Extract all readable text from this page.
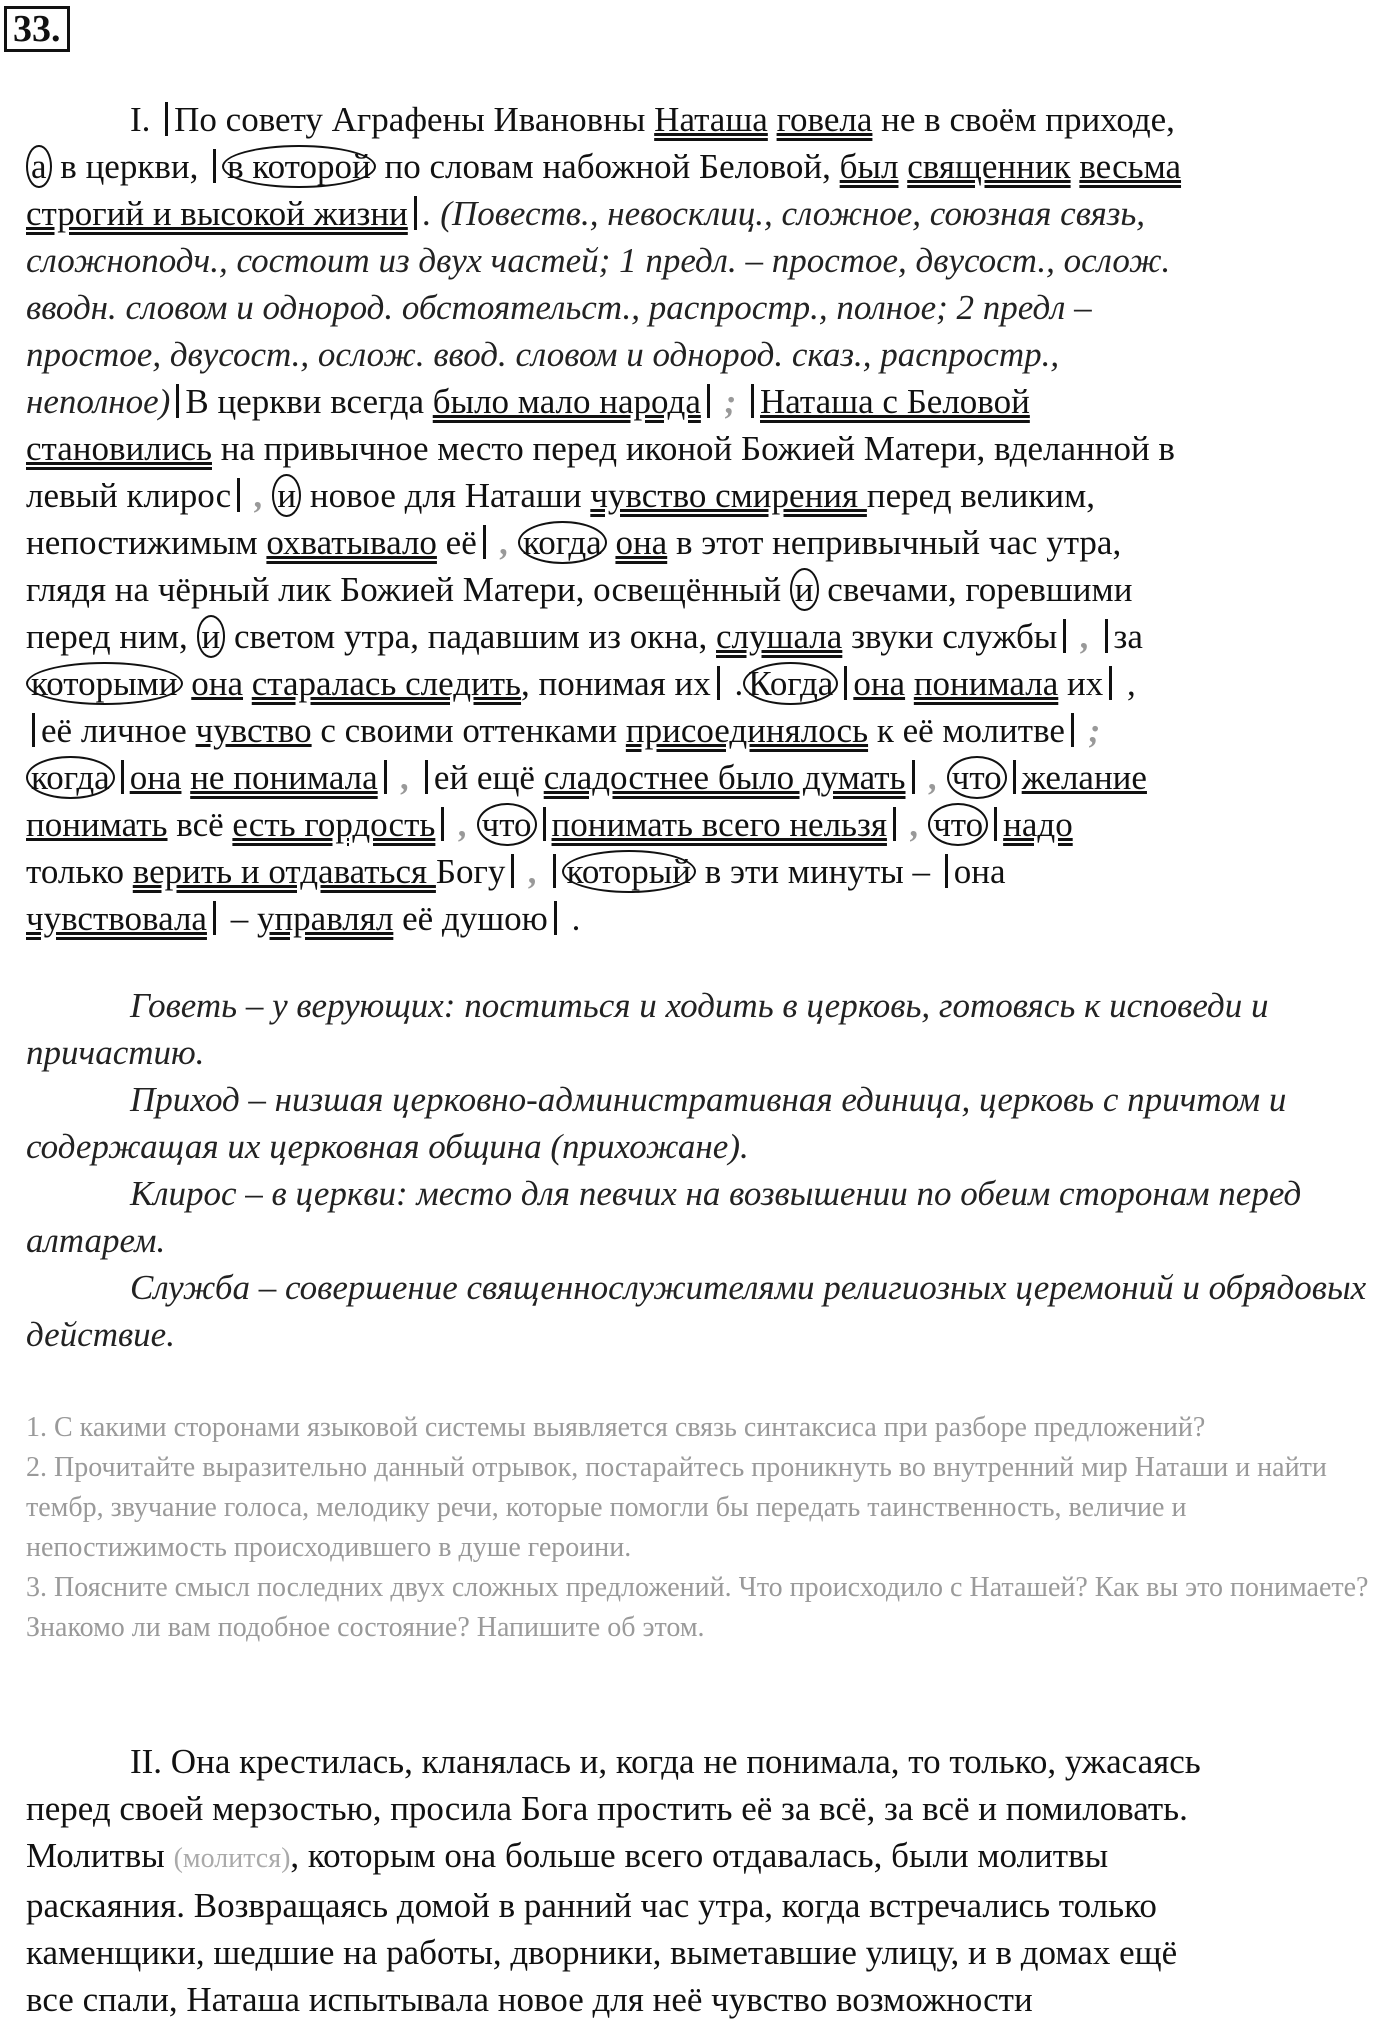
33.
I. По совету Аграфены Ивановны Наташа говела не в своём приходе,
а в церкви, в которой по словам набожной Беловой, был священник весьма
строгий и высокой жизни . (Повеств., невосклиц., сложное, союзная связь,
сложноподч., состоит из двух частей; 1 предл. – простое, двусост., ослож.
вводн. словом и однород. обстоятельст., распростр., полное; 2 предл –
простое, двусост., ослож. ввод. словом и однород. сказ., распростр.,
неполное) В церкви всегда было мало народа ; Наташа с Беловой
становились на привычное место перед иконой Божией Матери, вделанной в
левый клирос , и новое для Наташи чувство смирения перед великим,
непостижимым охватывало её , когда она в этот непривычный час утра,
глядя на чёрный лик Божией Матери, освещённый и свечами, горевшими
перед ним, и светом утра, падавшим из окна, слушала звуки службы , за
которыми она старалась следить, понимая их . Когда она понимала их ,
её личное чувство с своими оттенками присоединялось к её молитве ;
когда она не понимала , ей ещё сладостнее было думать , что желание
понимать всё есть гордость , что понимать всего нельзя , что надо
только верить и отдаваться Богу , который в эти минуты – она
чувствовала – управлял её душою .

Говеть – у верующих: поститься и ходить в церковь, готовясь к исповеди и причастию.

Приход – низшая церковно-административная единица, церковь с причтом и содержащая их церковная община (прихожане).

Клирос – в церкви: место для певчих на возвышении по обеим сторонам перед алтарем.

Служба – совершение священнослужителями религиозных церемоний и обрядовых действие.

1. С какими сторонами языковой системы выявляется связь синтаксиса при разборе предложений?

2. Прочитайте выразительно данный отрывок, постарайтесь проникнуть во внутренний мир Наташи и найти тембр, звучание голоса, мелодику речи, которые помогли бы передать таинственность, величие и непостижимость происходившего в душе героини.

3. Поясните смысл последних двух сложных предложений. Что происходило с Наташей? Как вы это понимаете? Знакомо ли вам подобное состояние? Напишите об этом.

II. Она крестилась, кланялась и, когда не понимала, то только, ужасаясь

перед своей мерзостью, просила Бога простить её за всё, за всё и помиловать.

Молитвы (молится), которым она больше всего отдавалась, были молитвы

раскаяния. Возвращаясь домой в ранний час утра, когда встречались только

каменщики, шедшие на работы, дворники, выметавшие улицу, и в домах ещё

все спали, Наташа испытывала новое для неё чувство возможности
